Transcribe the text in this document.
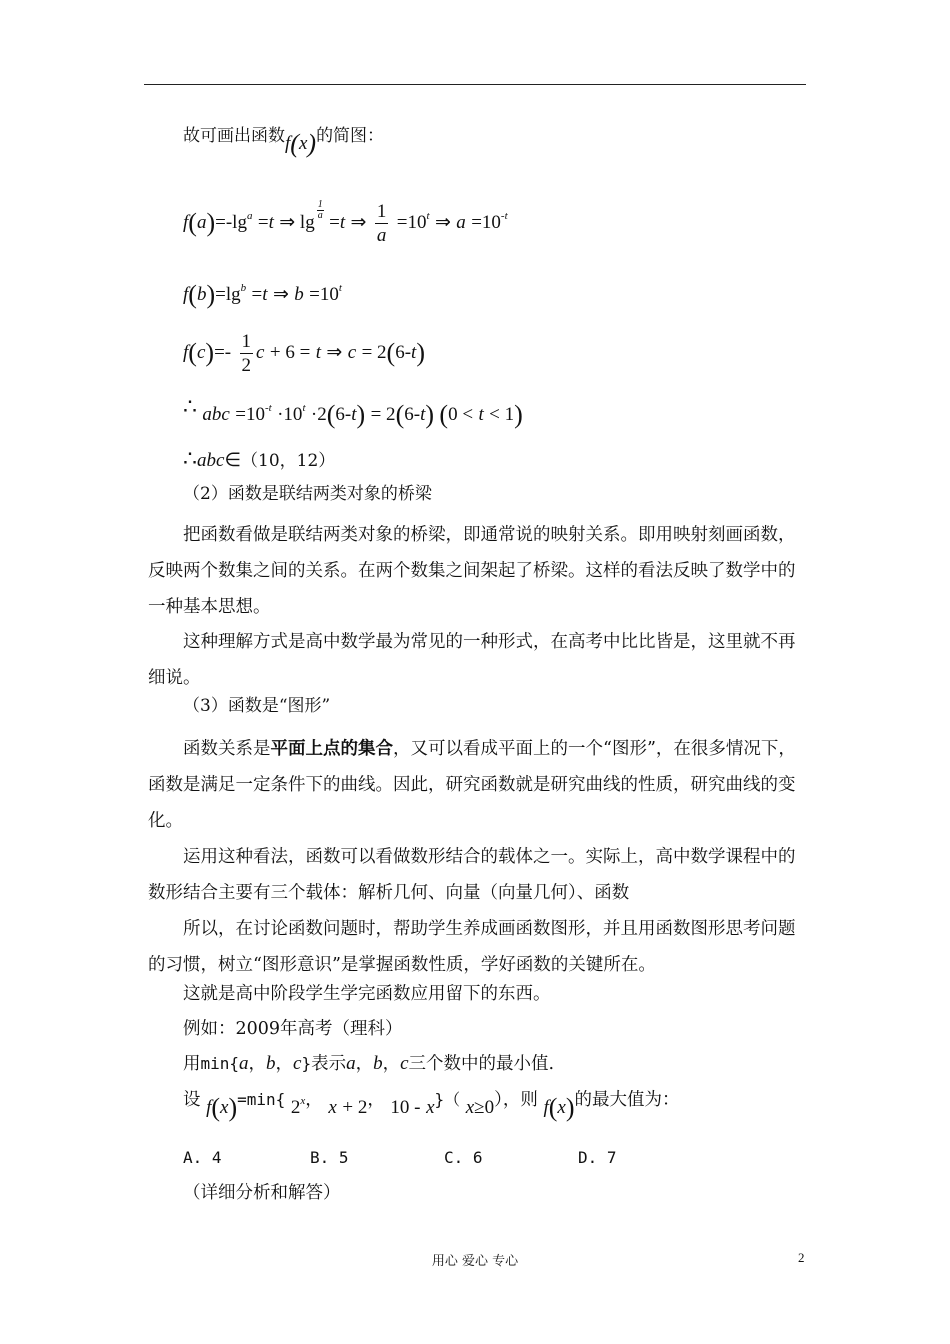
故可画出函数f(x)的简图：
$f(a)=-\lg^a =t$ ⇒ lg
$\frac{1}{a} =t$ ⇒ $\frac{1}{a} =10^t$ ⇒ $a =10^{-t}$
$f(b)=\lg^b =t$ ⇒ $b =10^t$
$f(c)=- \frac{1}{2}$ c + 6 = t ⇒ c = 2(6-t)
∴ abc $=10^{-t} \cdot 10^t \cdot 2(6-t) = 2(6-t) (0 < t < 1)$
∴abc∈（10，12）
（2）函数是联结两类对象的桥梁
把函数看做是联结两类对象的桥梁，即通常说的映射关系。即用映射刻画函数，反映两个数集之间的关系。在两个数集之间架起了桥梁。这样的看法反映了数学中的一种基本思想。
这种理解方式是高中数学最为常见的一种形式，在高考中比比皆是，这里就不再细说。
（3）函数是“图形”
函数关系是平面上点的集合，又可以看成平面上的一个“图形”，在很多情况下，函数是满足一定条件下的曲线。因此，研究函数就是研究曲线的性质，研究曲线的变化。
运用这种看法，函数可以看做数形结合的载体之一。实际上，高中数学课程中的数形结合主要有三个载体：解析几何、向量（向量几何）、函数
所以，在讨论函数问题时，帮助学生养成画函数图形，并且用函数图形思考问题的习惯，树立“图形意识”是掌握函数性质，学好函数的关键所在。
这就是高中阶段学生学完函数应用留下的东西。
例如：2009年高考（理科）
用min{a，b，c}表示a，b，c三个数中的最小值.
设 f(x)=min{ 2$^x$， x + 2， 10 - x}（ x≥0），则 f(x)的最大值为：
A. 4	B. 5	C. 6	D. 7
（详细分析和解答）
用心 爱心 专心	2
